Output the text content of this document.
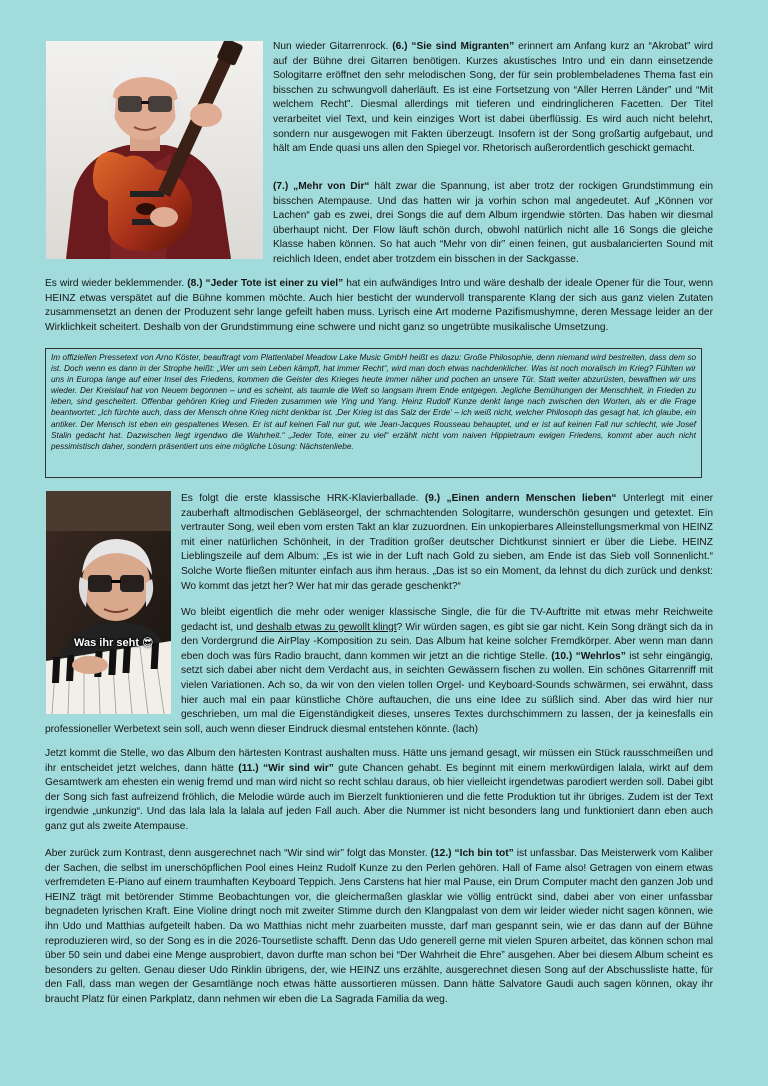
Nun wieder Gitarrenrock. (6.) “Sie sind Migranten” erinnert am Anfang kurz an “Akrobat” wird auf der Bühne drei Gitarren benötigen. Kurzes akustisches Intro und ein dann einsetzende Sologitarre eröffnet den sehr melodischen Song, der für sein problembeladenes Thema fast ein bisschen zu schwungvoll daherläuft. Es ist eine Fortsetzung von “Aller Herren Länder” und “Mit welchem Recht”. Diesmal allerdings mit tieferen und eindringlicheren Facetten. Der Titel verarbeitet viel Text, und kein einziges Wort ist dabei überflüssig. Es wird auch nicht belehrt, sondern nur ausgewogen mit Fakten überzeugt. Insofern ist der Song großartig aufgebaut, und hält am Ende quasi uns allen den Spiegel vor. Rhetorisch außerordentlich geschickt gemacht.
(7.) „Mehr von Dir“ hält zwar die Spannung, ist aber trotz der rockigen Grundstimmung ein bisschen Atempause. Und das hatten wir ja vorhin schon mal angedeutet. Auf „Können vor Lachen“ gab es zwei, drei Songs die auf dem Album irgendwie störten. Das haben wir diesmal überhaupt nicht. Der Flow läuft schön durch, obwohl natürlich nicht alle 16 Songs die gleiche Klasse haben können. So hat auch “Mehr von dir” einen feinen, gut ausbalancierten Sound mit reichlich Ideen, endet aber trotzdem ein bisschen in der Sackgasse.
Es wird wieder beklemmender. (8.) “Jeder Tote ist einer zu viel” hat ein aufwändiges Intro und wäre deshalb der ideale Opener für die Tour, wenn HEINZ etwas verspätet auf die Bühne kommen möchte. Auch hier besticht der wundervoll transparente Klang der sich aus ganz vielen Zutaten zusammensetzt an denen der Produzent sehr lange gefeilt haben muss. Lyrisch eine Art moderne Pazifismushymne, deren Message leider an der Wirklichkeit scheitert. Deshalb von der Grundstimmung eine schwere und nicht ganz so ungetrübte musikalische Umsetzung.
Im offiziellen Pressetext von Arno Köster, beauftragt vom Plattenlabel Meadow Lake Music GmbH heißt es dazu: Große Philosophie, denn niemand wird bestreiten, dass dem so ist. Doch wenn es dann in der Strophe heißt: „Wer um sein Leben kämpft, hat immer Recht“, wird man doch etwas nachdenklicher. Was ist noch moralisch im Krieg? Fühlten wir uns in Europa lange auf einer Insel des Friedens, kommen die Geister des Krieges heute immer näher und pochen an unsere Tür. Statt weiter abzurüsten, bewaffnen wir uns wieder. Der Kreislauf hat von Neuem begonnen – und es scheint, als taumle die Welt so langsam ihrem Ende entgegen. Jegliche Bemühungen der Menschheit, in Frieden zu leben, sind gescheitert. Offenbar gehören Krieg und Frieden zusammen wie Ying und Yang. Heinz Rudolf Kunze denkt lange nach zwischen den Worten, als er die Frage beantwortet: „Ich fürchte auch, dass der Mensch ohne Krieg nicht denkbar ist. ‚Der Krieg ist das Salz der Erde‘ – ich weiß nicht, welcher Philosoph das gesagt hat, ich glaube, ein antiker. Der Mensch ist eben ein gespaltenes Wesen. Er ist auf keinen Fall nur gut, wie Jean-Jacques Rousseau behauptet, und er ist auf keinen Fall nur schlecht, wie Josef Stalin gedacht hat. Dazwischen liegt irgendwo die Wahrheit.“ „Jeder Tote, einer zu viel“ erzählt nicht vom naiven Hippietraum ewigen Friedens, kommt aber auch nicht pessimistisch daher, sondern präsentiert uns eine mögliche Lösung: Nächstenliebe.
Was ihr seht 😎
Es folgt die erste klassische HRK-Klavierballade. (9.) „Einen andern Menschen lieben“ Unterlegt mit einer zauberhaft altmodischen Gebläseorgel, der schmachtenden Sologitarre, wunderschön gesungen und getextet. Ein vertrauter Song, weil eben vom ersten Takt an klar zuzuordnen. Ein unkopierbares Alleinstellungsmerkmal von HEINZ mit einer natürlichen Schönheit, in der Tradition großer deutscher Dichtkunst sinniert er über die Liebe. HEINZ Lieblingszeile auf dem Album: „Es ist wie in der Luft nach Gold zu sieben, am Ende ist das Sieb voll Sonnenlicht.“ Solche Worte fließen mitunter einfach aus ihm heraus. „Das ist so ein Moment, da lehnst du dich zurück und denkst: Wo kommt das jetzt her? Wer hat mir das gerade geschenkt?“
Wo bleibt eigentlich die mehr oder weniger klassische Single, die für die TV-Auftritte mit etwas mehr Reichweite gedacht ist, und deshalb etwas zu gewollt klingt? Wir würden sagen, es gibt sie gar nicht. Kein Song drängt sich da in den Vordergrund die AirPlay -Komposition zu sein. Das Album hat keine solcher Fremdkörper. Aber wenn man dann eben doch was fürs Radio braucht, dann kommen wir jetzt an die richtige Stelle. (10.) “Wehrlos” ist sehr eingängig, setzt sich dabei aber nicht dem Verdacht aus, in seichten Gewässern fischen zu wollen. Ein schönes Gitarrenriff mit vielen Variationen. Ach so, da wir von den vielen tollen Orgel- und Keyboard-Sounds schwärmen, sei erwähnt, dass hier auch mal ein paar künstliche Chöre auftauchen, die uns eine Idee zu süßlich sind. Aber das wird hier nur geschrieben, um mal die Eigenständigkeit dieses, unseres Textes durchschimmern zu lassen, der ja keinesfalls ein professioneller Werbetext sein soll, auch wenn dieser Eindruck diesmal entstehen könnte. (lach)
Jetzt kommt die Stelle, wo das Album den härtesten Kontrast aushalten muss. Hätte uns jemand gesagt, wir müssen ein Stück rausschmeißen und ihr entscheidet jetzt welches, dann hätte (11.) “Wir sind wir” gute Chancen gehabt. Es beginnt mit einem merkwürdigen lalala, wirkt auf dem Gesamtwerk am ehesten ein wenig fremd und man wird nicht so recht schlau daraus, ob hier vielleicht irgendetwas parodiert werden soll. Dabei gibt der Song sich fast aufreizend fröhlich, die Melodie würde auch im Bierzelt funktionieren und die fette Produktion tut ihr übriges. Zudem ist der Text irgendwie „unkunzig“. Und das lala lala la lalala auf jeden Fall auch. Aber die Nummer ist nicht besonders lang und funktioniert dann eben auch ganz gut als zweite Atempause.
Aber zurück zum Kontrast, denn ausgerechnet nach “Wir sind wir” folgt das Monster. (12.) “Ich bin tot” ist unfassbar. Das Meisterwerk vom Kaliber der Sachen, die selbst im unerschöpflichen Pool eines Heinz Rudolf Kunze zu den Perlen gehören. Hall of Fame also! Getragen von einem etwas verfremdeten E-Piano auf einem traumhaften Keyboard Teppich. Jens Carstens hat hier mal Pause, ein Drum Computer macht den ganzen Job und HEINZ trägt mit betörender Stimme Beobachtungen vor, die gleichermaßen glasklar wie völlig entrückt sind, dabei aber von einer unfassbar begnadeten lyrischen Kraft. Eine Violine dringt noch mit zweiter Stimme durch den Klangpalast von dem wir leider wieder nicht sagen können, wie ihn Udo und Matthias aufgeteilt haben. Da wo Matthias nicht mehr zuarbeiten musste, darf man gespannt sein, wie er das dann auf der Bühne reproduzieren wird, so der Song es in die 2026-Toursetliste schafft. Denn das Udo generell gerne mit vielen Spuren arbeitet, das können schon mal über 50 sein und dabei eine Menge ausprobiert, davon durfte man schon bei “Der Wahrheit die Ehre” ausgehen. Aber bei diesem Album scheint es besonders zu gelten. Genau dieser Udo Rinklin übrigens, der, wie HEINZ uns erzählte, ausgerechnet diesen Song auf der Abschussliste hatte, für den Fall, dass man wegen der Gesamtlänge noch etwas hätte aussortieren müssen. Dann hätte Salvatore Gaudi auch sagen können, okay ihr braucht Platz für einen Parkplatz, dann nehmen wir eben die La Sagrada Familia da weg.
